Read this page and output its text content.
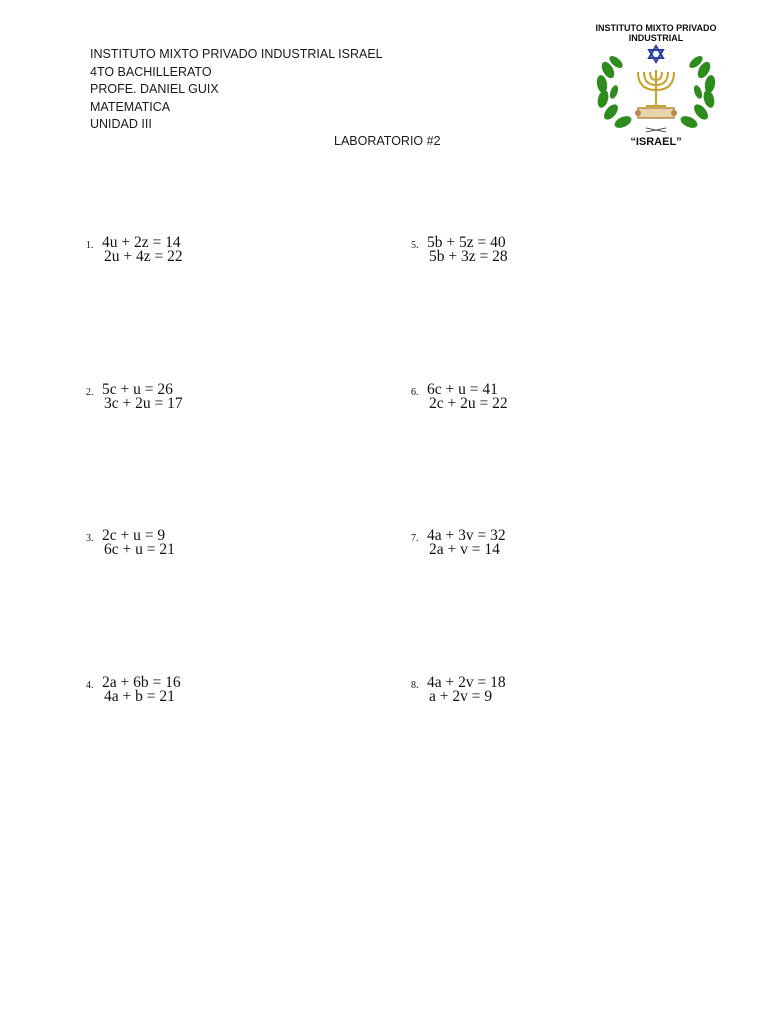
INSTITUTO MIXTO PRIVADO INDUSTRIAL ISRAEL
4TO BACHILLERATO
PROFE. DANIEL GUIX
MATEMATICA
UNIDAD III
LABORATORIO #2
INSTITUTO MIXTO PRIVADO
INDUSTRIAL
“ISRAEL”
1. 4u + 2z = 14
2u + 4z = 22
2. 5c + u = 26
3c + 2u = 17
3. 2c + u = 9
6c + u = 21
4. 2a + 6b = 16
4a + b = 21
5. 5b + 5z = 40
5b + 3z = 28
6. 6c + u = 41
2c + 2u = 22
7. 4a + 3v = 32
2a + v = 14
8. 4a + 2v = 18
a + 2v = 9
